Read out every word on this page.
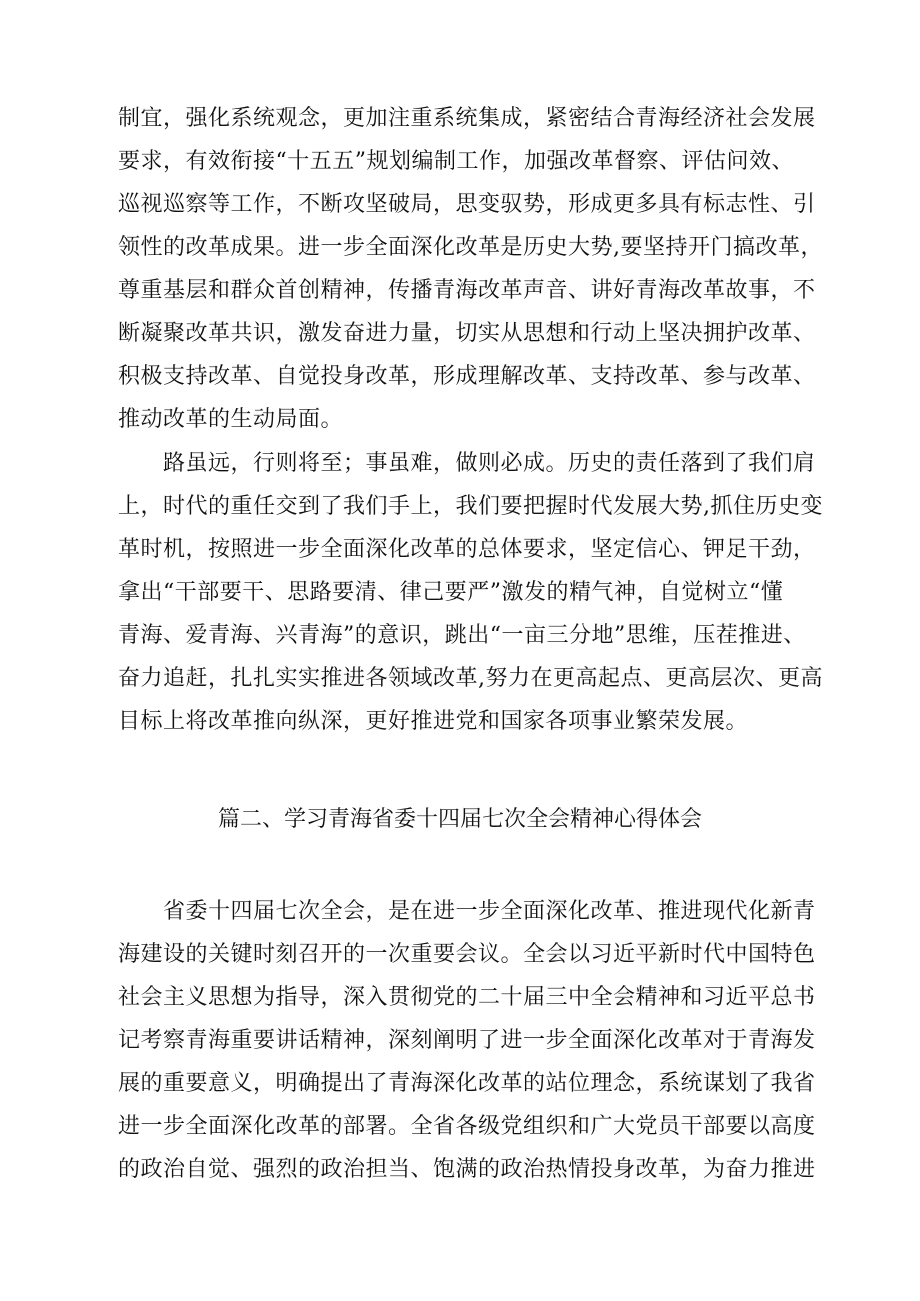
制宜，强化系统观念，更加注重系统集成，紧密结合青海经济社会发展
要求，有效衔接“十五五”规划编制工作，加强改革督察、评估问效、
巡视巡察等工作，不断攻坚破局，思变驭势，形成更多具有标志性、引
领性的改革成果。进一步全面深化改革是历史大势,要坚持开门搞改革，
尊重基层和群众首创精神，传播青海改革声音、讲好青海改革故事，不
断凝聚改革共识，激发奋进力量，切实从思想和行动上坚决拥护改革、
积极支持改革、自觉投身改革，形成理解改革、支持改革、参与改革、
推动改革的生动局面。
　　路虽远，行则将至；事虽难，做则必成。历史的责任落到了我们肩
上，时代的重任交到了我们手上，我们要把握时代发展大势,抓住历史变
革时机，按照进一步全面深化改革的总体要求，坚定信心、钾足干劲，
拿出“干部要干、思路要清、律己要严”激发的精气神，自觉树立“懂
青海、爱青海、兴青海”的意识，跳出“一亩三分地”思维，压茬推进、
奋力追赶，扎扎实实推进各领域改革,努力在更高起点、更高层次、更高
目标上将改革推向纵深，更好推进党和国家各项事业繁荣发展。
篇二、学习青海省委十四届七次全会精神心得体会
　　省委十四届七次全会，是在进一步全面深化改革、推进现代化新青
海建设的关键时刻召开的一次重要会议。全会以习近平新时代中国特色
社会主义思想为指导，深入贯彻党的二十届三中全会精神和习近平总书
记考察青海重要讲话精神，深刻阐明了进一步全面深化改革对于青海发
展的重要意义，明确提出了青海深化改革的站位理念，系统谋划了我省
进一步全面深化改革的部署。全省各级党组织和广大党员干部要以高度
的政治自觉、强烈的政治担当、饱满的政治热情投身改革，为奋力推进
